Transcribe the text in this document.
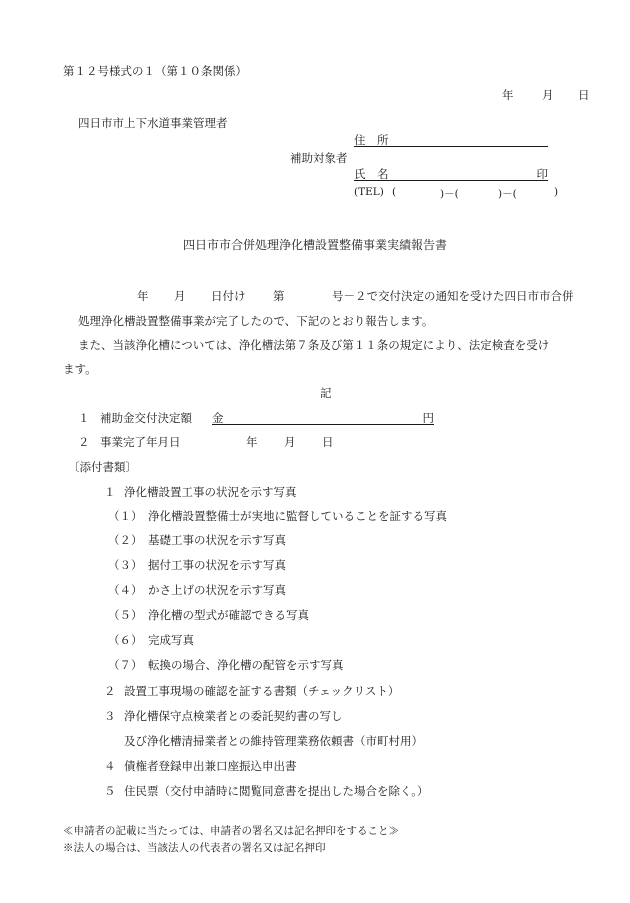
第１２号様式の１（第１０条関係）
年 月 日
四日市市上下水道事業管理者
住　所
補助対象者
氏　名	印
(TEL) (	)－(	)－(	)
四日市市合併処理浄化槽設置整備事業実績報告書
年 月 日付け 第	号－２で交付決定の通知を受けた四日市市合併
処理浄化槽設置整備事業が完了したので、下記のとおり報告します。
また、当該浄化槽については、浄化槽法第７条及び第１１条の規定により、法定検査を受け
ます。
記
１ 補助金交付決定額 金	円
２ 事業完了年月日	年 月 日
〔添付書類〕
１ 浄化槽設置工事の状況を示す写真
（１） 浄化槽設置整備士が実地に監督していることを証する写真
（２） 基礎工事の状況を示す写真
（３） 据付工事の状況を示す写真
（４） かさ上げの状況を示す写真
（５） 浄化槽の型式が確認できる写真
（６） 完成写真
（７） 転換の場合、浄化槽の配管を示す写真
２ 設置工事現場の確認を証する書類（チェックリスト）
３ 浄化槽保守点検業者との委託契約書の写し
及び浄化槽清掃業者との維持管理業務依頼書（市町村用）
４ 債権者登録申出兼口座振込申出書
５ 住民票（交付申請時に閲覧同意書を提出した場合を除く。）
≪申請者の記載に当たっては、申請者の署名又は記名押印をすること≫
※法人の場合は、当該法人の代表者の署名又は記名押印
